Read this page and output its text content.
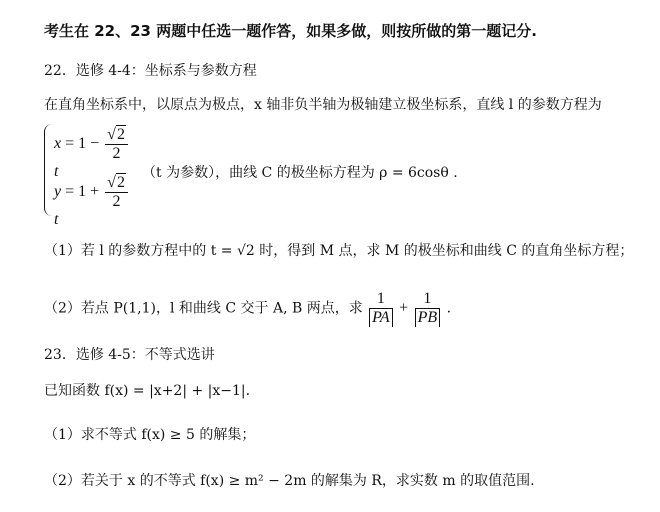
考生在 22、23 两题中任选一题作答，如果多做，则按所做的第一题记分.
22．选修 4-4：坐标系与参数方程
在直角坐标系中，以原点为极点，x 轴非负半轴为极轴建立极坐标系，直线 l 的参数方程为
$x = 1 - \frac{√2}{2}$
t
$y = 1 + \frac{√2}{2}$
t
（t 为参数），曲线 C 的极坐标方程为 ρ = 6cosθ .
（1）若 l 的参数方程中的 t = √2 时，得到 M 点，求 M 的极坐标和曲线 C 的直角坐标方程；
（2）若点 P(1,1)，l 和曲线 C 交于 A, B 两点，求 $\frac{1}{PA} + \frac{1}{PB}$ .
23．选修 4-5：不等式选讲
已知函数 f(x) = |x+2| + |x−1|.
（1）求不等式 f(x) ≥ 5 的解集；
（2）若关于 x 的不等式 f(x) ≥ m² − 2m 的解集为 R，求实数 m 的取值范围.
